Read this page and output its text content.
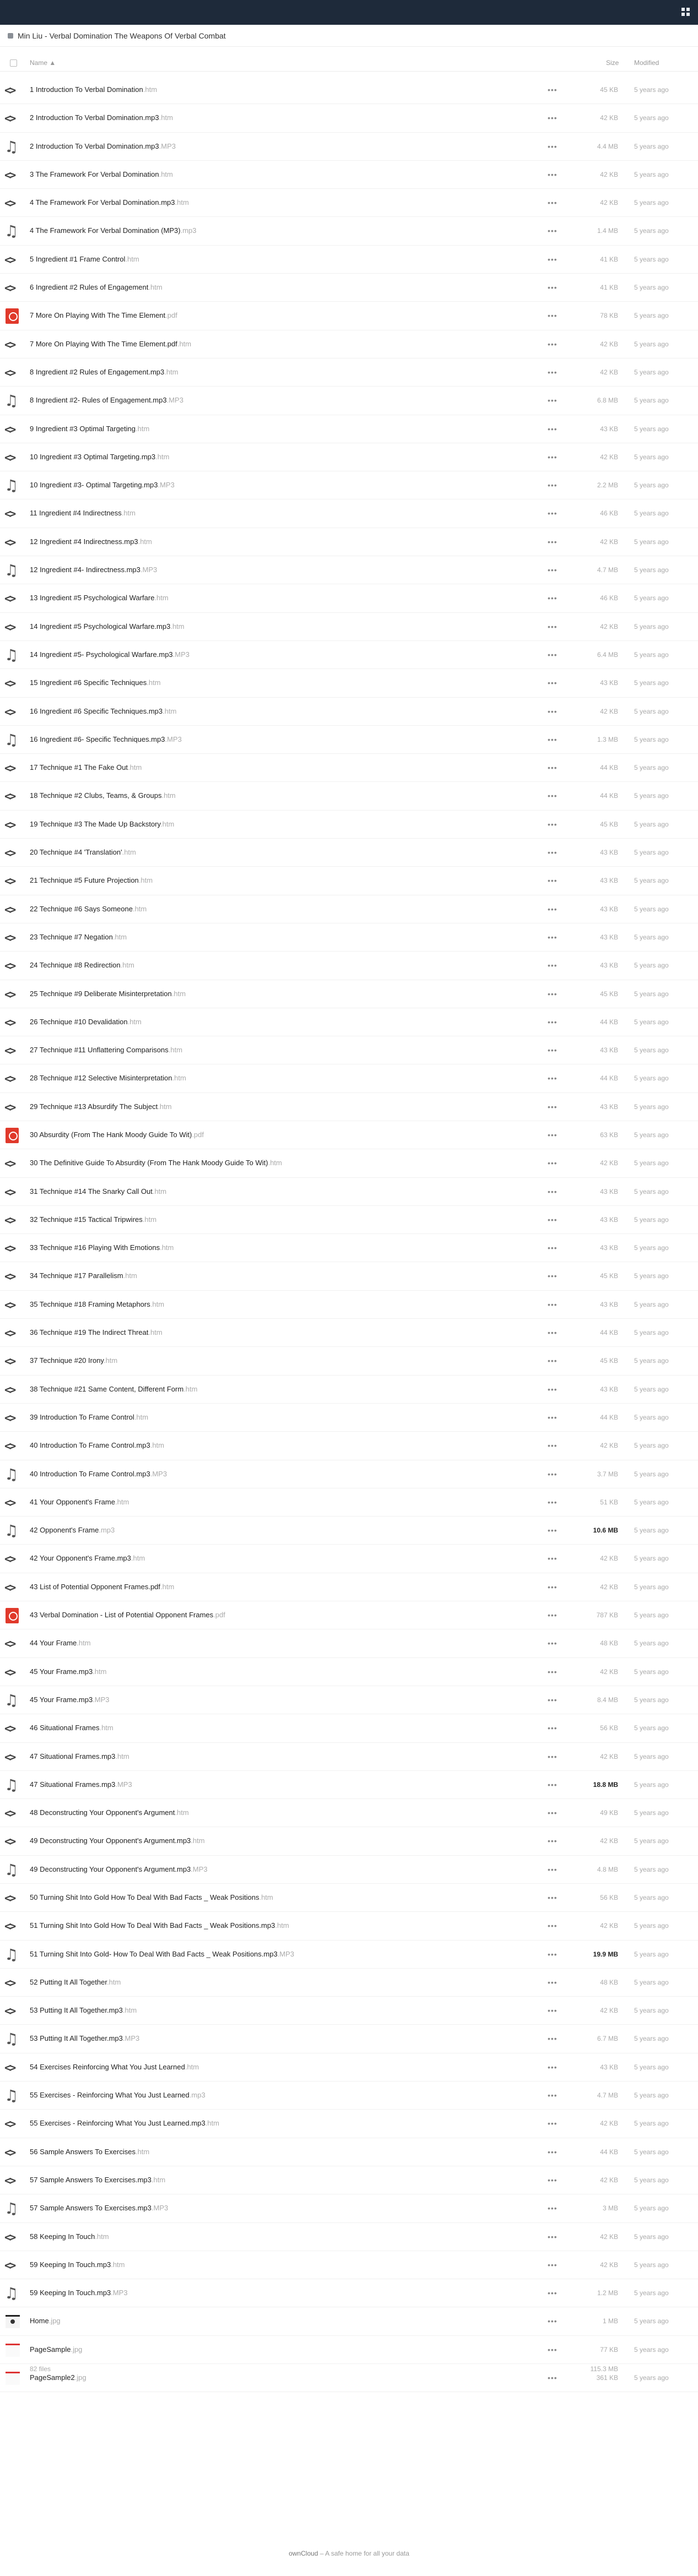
Min Liu - Verbal Domination The Weapons Of Verbal Combat
Name ▲	Size Modified
<>	1 Introduction To Verbal Domination.htm	•••	45 KB 5 years ago
<>	2 Introduction To Verbal Domination.mp3.htm	•••	42 KB 5 years ago
♫ 2 Introduction To Verbal Domination.mp3.MP3	•••	4.4 MB 5 years ago
<>	3 The Framework For Verbal Domination.htm	•••	42 KB 5 years ago
<>	4 The Framework For Verbal Domination.mp3.htm	•••	42 KB 5 years ago
♫ 4 The Framework For Verbal Domination (MP3).mp3	•••	1.4 MB 5 years ago
<>	5 Ingredient #1 Frame Control.htm	•••	41 KB 5 years ago
<>	6 Ingredient #2 Rules of Engagement.htm	•••	41 KB 5 years ago
7 More On Playing With The Time Element.pdf	•••	78 KB 5 years ago
<>	7 More On Playing With The Time Element.pdf.htm	•••	42 KB 5 years ago
<>	8 Ingredient #2 Rules of Engagement.mp3.htm	•••	42 KB 5 years ago
♫ 8 Ingredient #2- Rules of Engagement.mp3.MP3	•••	6.8 MB 5 years ago
<>	9 Ingredient #3 Optimal Targeting.htm	•••	43 KB 5 years ago
<>	10 Ingredient #3 Optimal Targeting.mp3.htm	•••	42 KB 5 years ago
♫ 10 Ingredient #3- Optimal Targeting.mp3.MP3	•••	2.2 MB 5 years ago
<>	11 Ingredient #4 Indirectness.htm	•••	46 KB 5 years ago
<>	12 Ingredient #4 Indirectness.mp3.htm	•••	42 KB 5 years ago
♫ 12 Ingredient #4- Indirectness.mp3.MP3	•••	4.7 MB 5 years ago
<>	13 Ingredient #5 Psychological Warfare.htm	•••	46 KB 5 years ago
<>	14 Ingredient #5 Psychological Warfare.mp3.htm	•••	42 KB 5 years ago
♫ 14 Ingredient #5- Psychological Warfare.mp3.MP3	•••	6.4 MB 5 years ago
<>	15 Ingredient #6 Specific Techniques.htm	•••	43 KB 5 years ago
<>	16 Ingredient #6 Specific Techniques.mp3.htm	•••	42 KB 5 years ago
♫ 16 Ingredient #6- Specific Techniques.mp3.MP3	•••	1.3 MB 5 years ago
<>	17 Technique #1 The Fake Out.htm	•••	44 KB 5 years ago
<>	18 Technique #2 Clubs, Teams, & Groups.htm	•••	44 KB 5 years ago
<>	19 Technique #3 The Made Up Backstory.htm	•••	45 KB 5 years ago
<>	20 Technique #4 'Translation'.htm	•••	43 KB 5 years ago
<>	21 Technique #5 Future Projection.htm	•••	43 KB 5 years ago
<>	22 Technique #6 Says Someone.htm	•••	43 KB 5 years ago
<>	23 Technique #7 Negation.htm	•••	43 KB 5 years ago
<>	24 Technique #8 Redirection.htm	•••	43 KB 5 years ago
<>	25 Technique #9 Deliberate Misinterpretation.htm	•••	45 KB 5 years ago
<>	26 Technique #10 Devalidation.htm	•••	44 KB 5 years ago
<>	27 Technique #11 Unflattering Comparisons.htm	•••	43 KB 5 years ago
<>	28 Technique #12 Selective Misinterpretation.htm	•••	44 KB 5 years ago
<>	29 Technique #13 Absurdify The Subject.htm	•••	43 KB 5 years ago
30 Absurdity (From The Hank Moody Guide To Wit).pdf	•••	63 KB 5 years ago
<>	30 The Definitive Guide To Absurdity (From The Hank Moody Guide To Wit).htm	•••	42 KB 5 years ago
<>	31 Technique #14 The Snarky Call Out.htm	•••	43 KB 5 years ago
<>	32 Technique #15 Tactical Tripwires.htm	•••	43 KB 5 years ago
<>	33 Technique #16 Playing With Emotions.htm	•••	43 KB 5 years ago
<>	34 Technique #17 Parallelism.htm	•••	45 KB 5 years ago
<>	35 Technique #18 Framing Metaphors.htm	•••	43 KB 5 years ago
<>	36 Technique #19 The Indirect Threat.htm	•••	44 KB 5 years ago
<>	37 Technique #20 Irony.htm	•••	45 KB 5 years ago
<>	38 Technique #21 Same Content, Different Form.htm	•••	43 KB 5 years ago
<>	39 Introduction To Frame Control.htm	•••	44 KB 5 years ago
<>	40 Introduction To Frame Control.mp3.htm	•••	42 KB 5 years ago
♫ 40 Introduction To Frame Control.mp3.MP3	•••	3.7 MB 5 years ago
<>	41 Your Opponent's Frame.htm	•••	51 KB 5 years ago
♫ 42 Opponent's Frame.mp3	•••	10.6 MB 5 years ago
<>	42 Your Opponent's Frame.mp3.htm	•••	42 KB 5 years ago
<>	43 List of Potential Opponent Frames.pdf.htm	•••	42 KB 5 years ago
43 Verbal Domination - List of Potential Opponent Frames.pdf	•••	787 KB 5 years ago
<>	44 Your Frame.htm	•••	48 KB 5 years ago
<>	45 Your Frame.mp3.htm	•••	42 KB 5 years ago
♫ 45 Your Frame.mp3.MP3	•••	8.4 MB 5 years ago
<>	46 Situational Frames.htm	•••	56 KB 5 years ago
<>	47 Situational Frames.mp3.htm	•••	42 KB 5 years ago
♫ 47 Situational Frames.mp3.MP3	•••	18.8 MB 5 years ago
<>	48 Deconstructing Your Opponent's Argument.htm	•••	49 KB 5 years ago
<>	49 Deconstructing Your Opponent's Argument.mp3.htm	•••	42 KB 5 years ago
♫ 49 Deconstructing Your Opponent's Argument.mp3.MP3	•••	4.8 MB 5 years ago
<>	50 Turning Shit Into Gold How To Deal With Bad Facts _ Weak Positions.htm	•••	56 KB 5 years ago
<>	51 Turning Shit Into Gold How To Deal With Bad Facts _ Weak Positions.mp3.htm	•••	42 KB 5 years ago
♫ 51 Turning Shit Into Gold- How To Deal With Bad Facts _ Weak Positions.mp3.MP3	•••	19.9 MB 5 years ago
<>	52 Putting It All Together.htm	•••	48 KB 5 years ago
<>	53 Putting It All Together.mp3.htm	•••	42 KB 5 years ago
♫ 53 Putting It All Together.mp3.MP3	•••	6.7 MB 5 years ago
<>	54 Exercises Reinforcing What You Just Learned.htm	•••	43 KB 5 years ago
♫ 55 Exercises - Reinforcing What You Just Learned.mp3	•••	4.7 MB 5 years ago
<>	55 Exercises - Reinforcing What You Just Learned.mp3.htm	•••	42 KB 5 years ago
<>	56 Sample Answers To Exercises.htm	•••	44 KB 5 years ago
<>	57 Sample Answers To Exercises.mp3.htm	•••	42 KB 5 years ago
♫ 57 Sample Answers To Exercises.mp3.MP3	•••	3 MB 5 years ago
<>	58 Keeping In Touch.htm	•••	42 KB 5 years ago
<>	59 Keeping In Touch.mp3.htm	•••	42 KB 5 years ago
♫ 59 Keeping In Touch.mp3.MP3	•••	1.2 MB 5 years ago
Home.jpg	•••	1 MB 5 years ago
PageSample.jpg	•••	77 KB 5 years ago
PageSample2.jpg	•••	361 KB 5 years ago
82 files	115.3 MB
ownCloud – A safe home for all your data
